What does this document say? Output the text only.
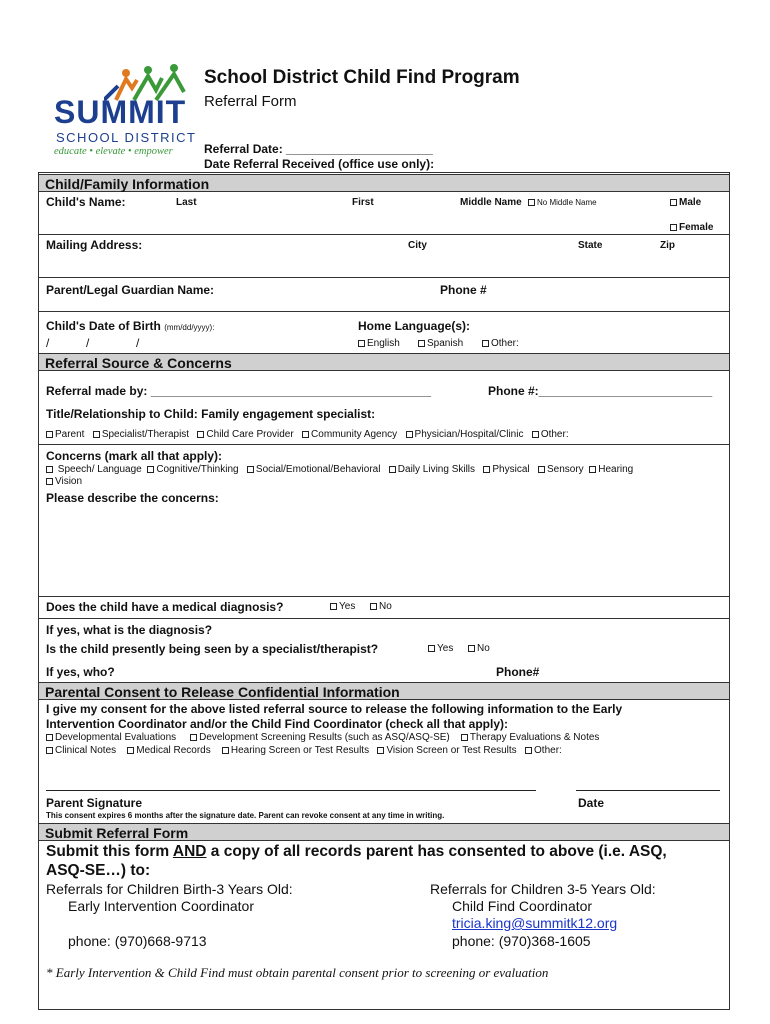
SUMMIT
SCHOOL DISTRICT
educate • elevate • empower
School District Child Find Program
Referral Form
Referral Date: ______________________
Date Referral Received (office use only):
Child/Family Information
Child's Name:	Last	First	Middle Name	No Middle Name	Male
Female
Mailing Address:	City	State	Zip
Parent/Legal Guardian Name:	Phone #
Child's Date of Birth (mm/dd/yyyy):
/           /              /
Home Language(s):
English	Spanish	Other:
Referral Source & Concerns
Referral made by: __________________________________________	Phone #:__________________________
Title/Relationship to Child: Family engagement specialist:
Parent Specialist/Therapist Child Care Provider Community Agency Physician/Hospital/Clinic Other:
Concerns (mark all that apply):
Speech/ Language Cognitive/Thinking Social/Emotional/Behavioral Daily Living Skills Physical Sensory Hearing
Vision
Please describe the concerns:
Does the child have a medical diagnosis?	Yes	No
If yes, what is the diagnosis?
Is the child presently being seen by a specialist/therapist?	Yes	No
If yes, who?	Phone#
Parental Consent to Release Confidential Information
I give my consent for the above listed referral source to release the following information to the Early
Intervention Coordinator and/or the Child Find Coordinator (check all that apply):
Developmental Evaluations Development Screening Results (such as ASQ/ASQ-SE) Therapy Evaluations & Notes
Clinical Notes Medical Records Hearing Screen or Test Results Vision Screen or Test Results Other:
Parent Signature	Date
This consent expires 6 months after the signature date. Parent can revoke consent at any time in writing.
Submit Referral Form
Submit this form AND a copy of all records parent has consented to above (i.e. ASQ,
ASQ-SE…) to:
Referrals for Children Birth-3 Years Old:
Early Intervention Coordinator
phone: (970)668-9713
Referrals for Children 3-5 Years Old:
Child Find Coordinator
tricia.king@summitk12.org
phone: (970)368-1605
* Early Intervention & Child Find must obtain parental consent prior to screening or evaluation
